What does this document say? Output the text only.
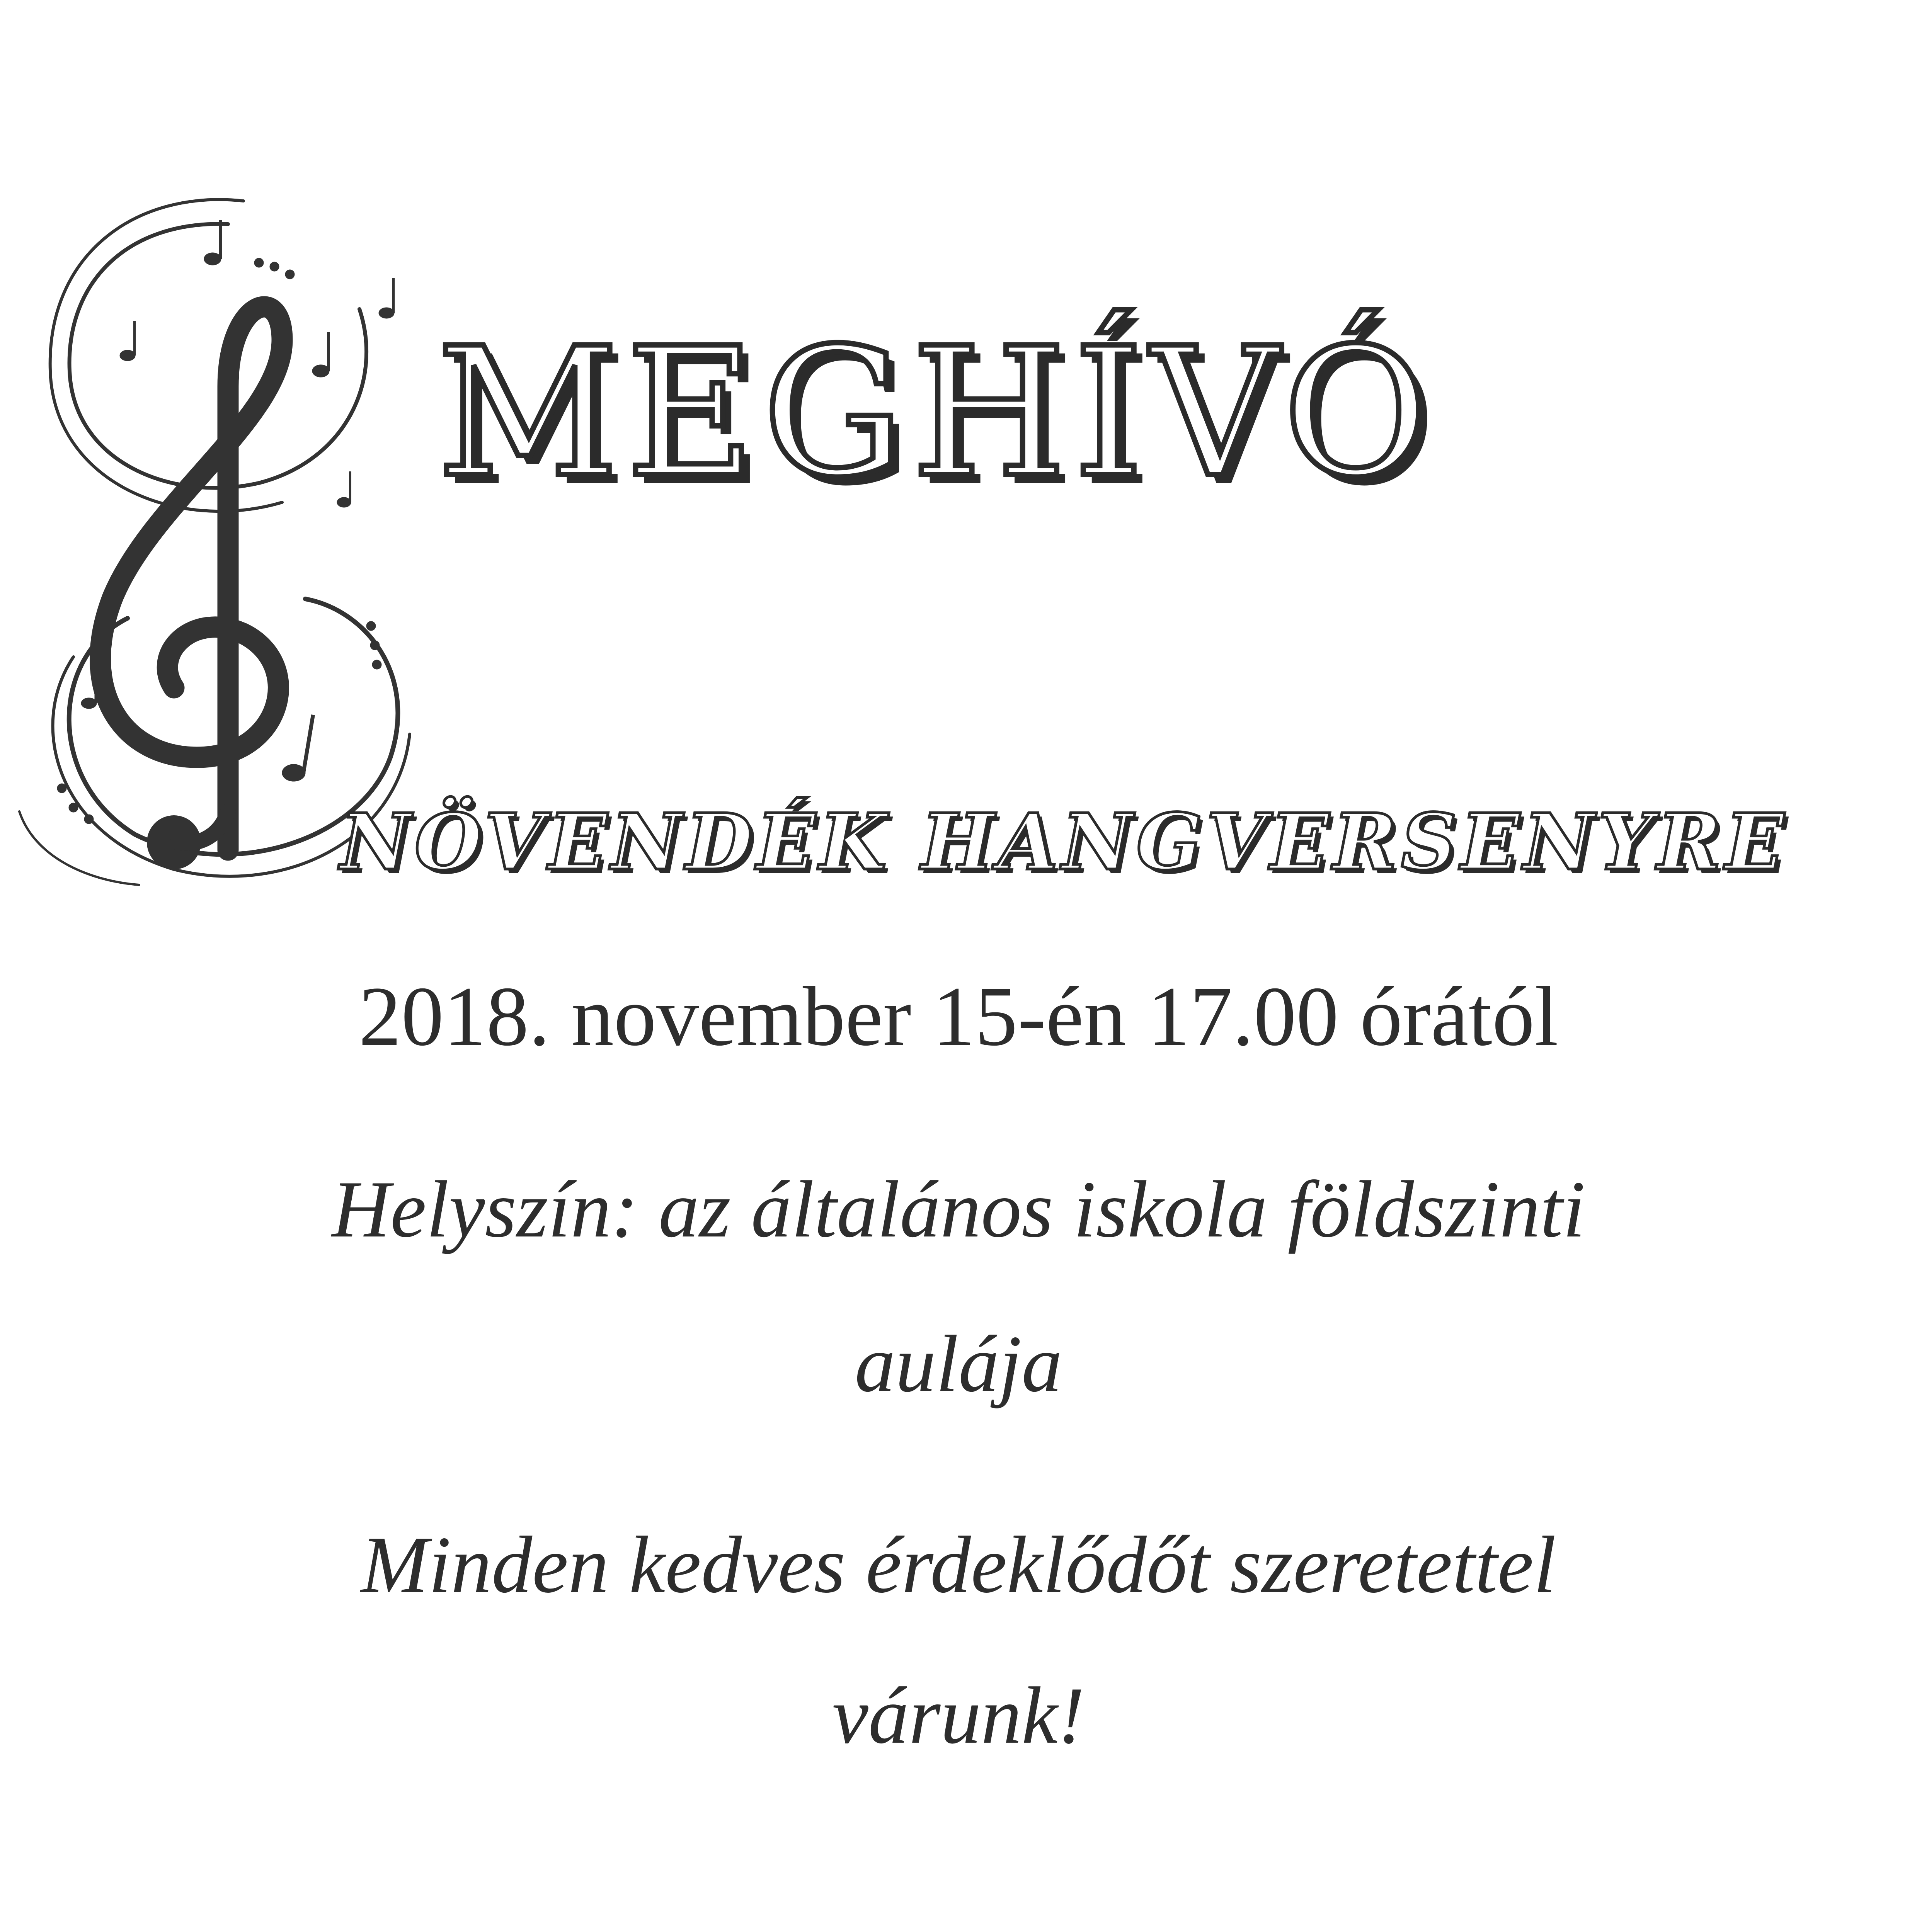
MEGHÍVÓ
NÖVENDÉK HANGVERSENYRE
2018. november 15-én 17.00 órától
Helyszín: az általános iskola földszinti
aulája
Minden kedves érdeklődőt szeretettel
várunk!
